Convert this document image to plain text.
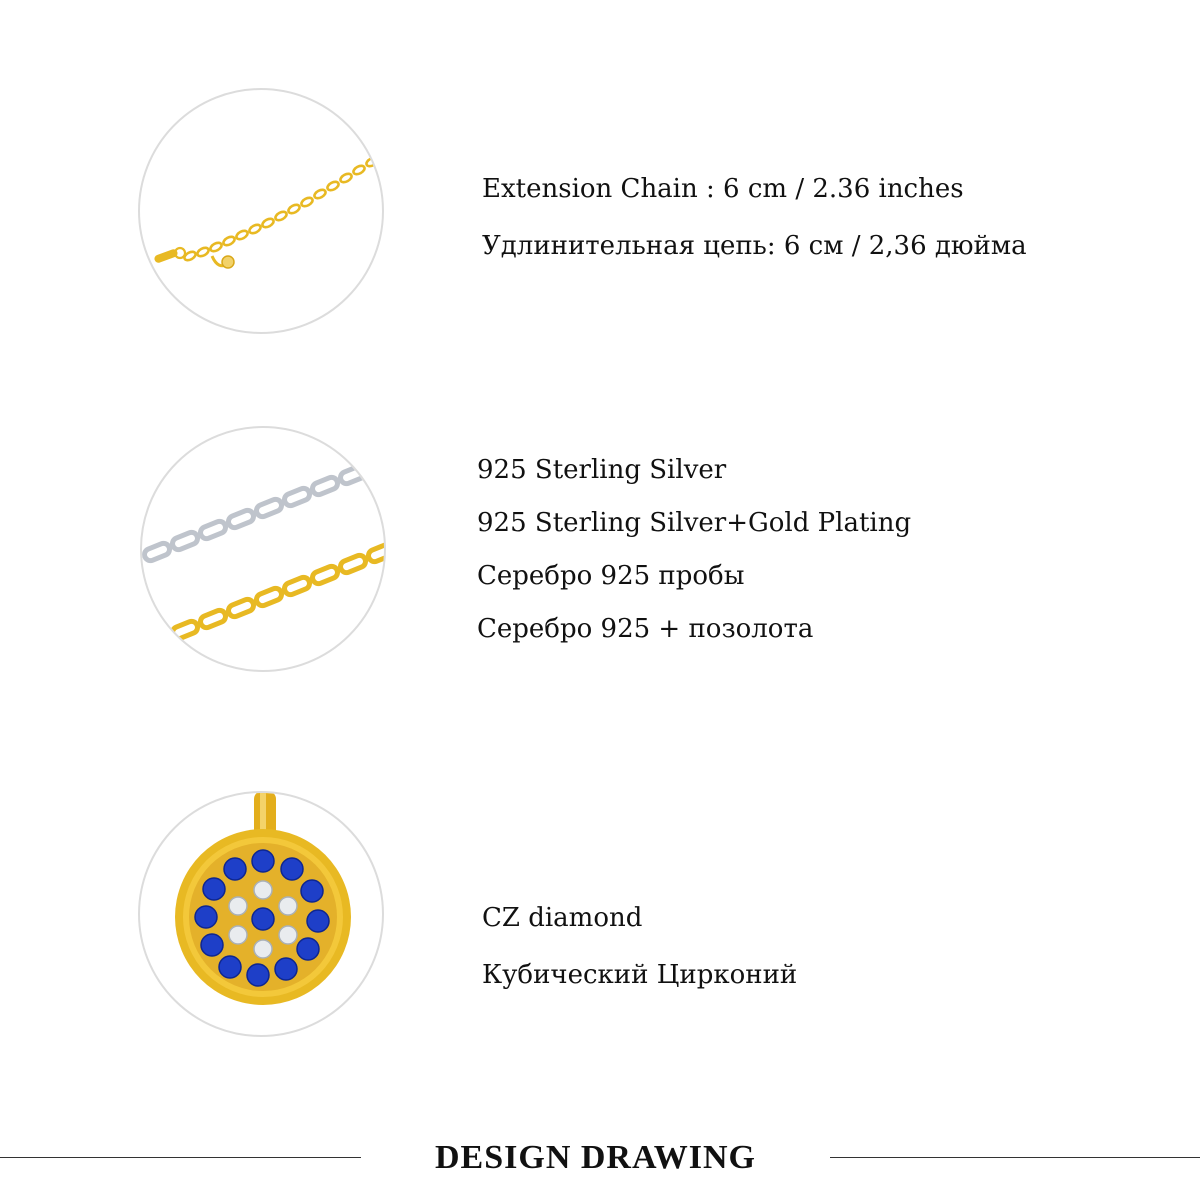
Extension Chain : 6 cm / 2.36 inches
Удлинительная цепь: 6 см / 2,36 дюйма
925 Sterling Silver
925 Sterling Silver+Gold Plating
Серебро 925 пробы
Серебро 925 + позолота
CZ diamond
Кубический Цирконий
DESIGN DRAWING
